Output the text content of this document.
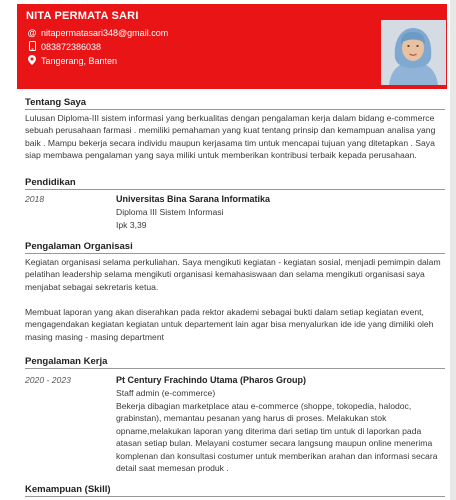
NITA PERMATA SARI
@ nitapermatasari348@gmail.com
083872386038
Tangerang, Banten
Tentang Saya
Lulusan Diploma-III sistem informasi yang berkualitas dengan pengalaman kerja dalam bidang e-commerce sebuah perusahaan farmasi . memiliki pemahaman yang kuat tentang prinsip dan kemampuan analisa yang baik . Mampu bekerja secara individu maupun kerjasama tim untuk mencapai tujuan yang ditetapkan . Saya siap membawa pengalaman yang saya miliki untuk memberikan kontribusi terbaik kepada perusahaan.
Pendidikan
2018	Universitas Bina Sarana Informatika
Diploma III Sistem Informasi
Ipk 3,39
Pengalaman Organisasi
Kegiatan organisasi selama perkuliahan. Saya mengikuti kegiatan - kegiatan sosial, menjadi pemimpin dalam pelatihan leadership selama mengikuti organisasi kemahasiswaan dan selama mengikuti organisasi saya menjabat sebagai sekretaris ketua.
Membuat laporan yang akan diserahkan pada rektor akademi sebagai bukti dalam setiap kegiatan event, mengagendakan kegiatan kegiatan untuk departement lain agar bisa menyalurkan ide ide yang dimiliki oleh masing masing - masing department
Pengalaman Kerja
2020 - 2023	Pt Century Frachindo Utama (Pharos Group)
Staff admin (e-commerce)
Bekerja dibagian marketplace atau e-commerce (shoppe, tokopedia, halodoc, grabinstan), memantau pesanan yang harus di proses. Melakukan stok opname,melakukan laporan yang diterima dari setiap tim untuk di laporkan pada atasan setiap bulan. Melayani costumer secara langsung maupun online menerima komplenan dan konsultasi costumer untuk memberikan arahan dan informasi secara detail saat memesan produk .
Kemampuan (Skill)
